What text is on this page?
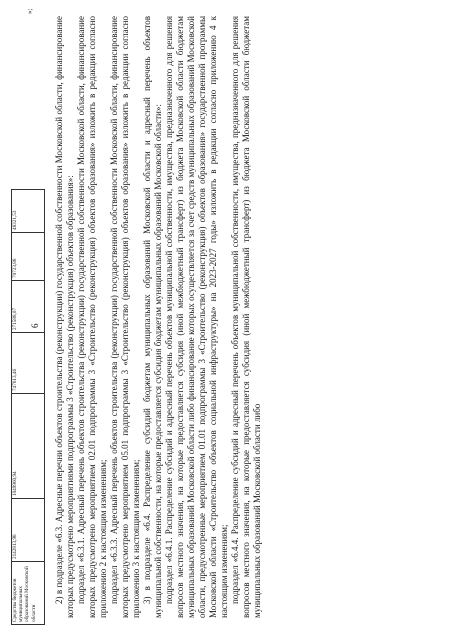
6
Средства бюджетов муниципальных образований Московской области	2142813,98	1049960,94	747613,46	271588,07	70723,88	48321,53
»;

2) в подразделе «6.3. Адресные перечни объектов строительства (реконструкции) государственной собственности Московской области, финансирование которых предусмотрено мероприятиями подпрограммы 3 «Строительство (реконструкция) объектов образования»: подраздел «6.3.1. Адресный перечень объектов строительства (реконструкции) государственной собственности Московской области, финансирование которых предусмотрено мероприятием 02.01 подпрограммы 3 «Строительство (реконструкция) объектов образования» изложить в редакции согласно приложению 2 к настоящим изменениям; подраздел «6.3.3. Адресный перечень объектов строительства (реконструкции) государственной собственности Московской области, финансирование которых предусмотрено мероприятием 05.01 подпрограммы 3 «Строительство (реконструкция) объектов образования» изложить в редакции согласно приложению 3 к настоящим изменениям; 3) в подразделе «6.4. Распределение субсидий бюджетам муниципальных образований Московской области и адресный перечень объектов муниципальной собственности, на которые предоставляется субсидия бюджетам муниципальных образований Московской области»: подраздел «6.4.1. Распределение субсидий и адресный перечень объектов муниципальной собственности, имущества, предназначенного для решения вопросов местного значения, на которые предоставляется субсидия (иной межбюджетный трансферт) из бюджета Московской области бюджетам муниципальных образований Московской области либо финансирование которых осуществляется за счет средств муниципальных образований Московской области, предусмотренные мероприятием 01.01 подпрограммы 3 «Строительство (реконструкция) объектов образования» государственной программы Московской области «Строительство объектов социальной инфраструктуры» на 2023-2027 годы» изложить в редакции согласно приложению 4 к настоящим изменениям; подраздел «6.4.4. Распределение субсидий и адресный перечень объектов муниципальной собственности, имущества, предназначенного для решения вопросов местного значения, на которые предоставляется субсидия (иной межбюджетный трансферт) из бюджета Московской области бюджетам муниципальных образований Московской области либо
